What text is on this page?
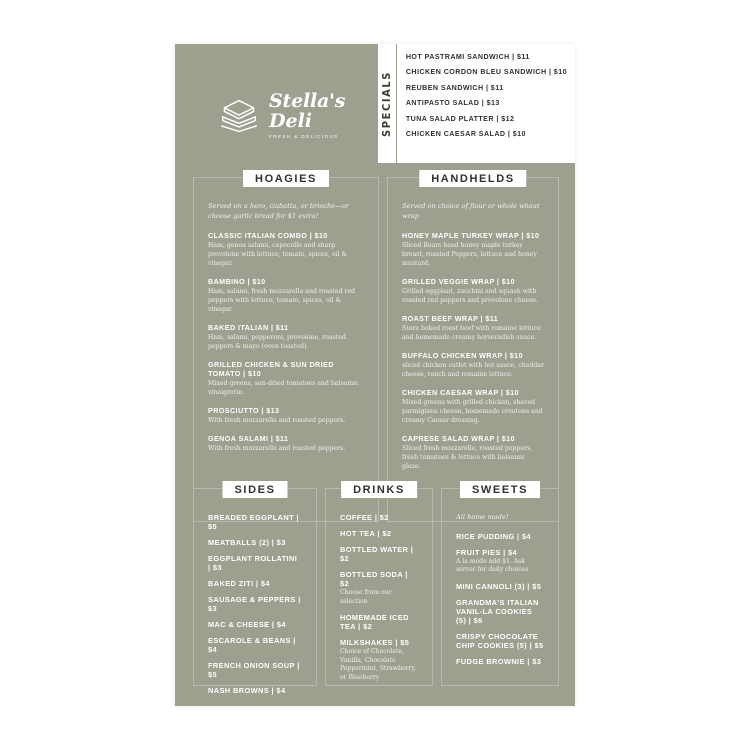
Stella's
Deli
FRESH & DELICIOUS
SPECIALS
HOT PASTRAMI SANDWICH | $11
CHICKEN CORDON BLEU SANDWICH | $10
REUBEN SANDWICH | $11
ANTIPASTO SALAD | $13
TUNA SALAD PLATTER | $12
CHICKEN CAESAR SALAD | $10
HOAGIES

Served on a hero, ciabatta, or brioche—or choose garlic bread for $1 extra!

CLASSIC ITALIAN COMBO | $10

Ham, genoa salami, capocollo and sharp provolone with lettuce, tomato, spices, oil & vinegar.

BAMBINO | $10

Ham, salami, fresh mozzarella and roasted red peppers with lettuce, tomato, spices, oil & vinegar.

BAKED ITALIAN | $11

Ham, salami, pepperoni, provolone, roasted peppers & mayo (oven toasted).

GRILLED CHICKEN & SUN DRIED TOMATO | $10

Mixed greens, sun-dried tomatoes and balsamic vinaigrette.

PROSCIUTTO | $13

With fresh mozzarella and roasted peppers.

GENOA SALAMI | $11

With fresh mozzarella and roasted peppers.

HANDHELDS

Served on choice of flour or whole wheat wrap

HONEY MAPLE TURKEY WRAP | $10

Sliced Boars head honey maple turkey breast, roasted Peppers, lettuce and honey mustard.

GRILLED VEGGIE WRAP | $10

Grilled eggplant, zucchini and squash with roasted red peppers and provolone cheese.

ROAST BEEF WRAP | $11

Store baked roast beef with romaine lettuce and homemade creamy horseradish sauce.

BUFFALO CHICKEN WRAP | $10

sliced chicken cutlet with hot sauce, cheddar cheese, ranch and romaine lettuce.

CHICKEN CAESAR WRAP | $10

Mixed greens with grilled chicken, shaved parmigiana cheese, homemade croutons and creamy Caesar dressing.

CAPRESE SALAD WRAP | $10

Sliced fresh mozzarella, roasted peppers, fresh tomatoes & lettuce with balsamic glaze.

SIDES

BREADED EGGPLANT | $5

MEATBALLS (2) | $3

EGGPLANT ROLLATINI | $3

BAKED ZITI | $4

SAUSAGE & PEPPERS | $3

MAC & CHEESE | $4

ESCAROLE & BEANS | $4

FRENCH ONION SOUP | $5

NASH BROWNS | $4

DRINKS

COFFEE | $2

HOT TEA | $2

BOTTLED WATER | $2

BOTTLED SODA | $2

Choose from our selection

HOMEMADE ICED TEA | $2

MILKSHAKES | $5

Choice of Chocolate, Vanilla, Chocolate Peppermint, Strawberry, or Blueberry

SWEETS

All home made!

RICE PUDDING | $4

FRUIT PIES | $4

A la mode add $1. Ask server for daily choices

MINI CANNOLI (3) | $5

GRANDMA'S ITALIAN VANIL-LA COOKIES (5) | $6

CRISPY CHOCOLATE CHIP COOKIES (5) | $5

FUDGE BROWNIE | $3
